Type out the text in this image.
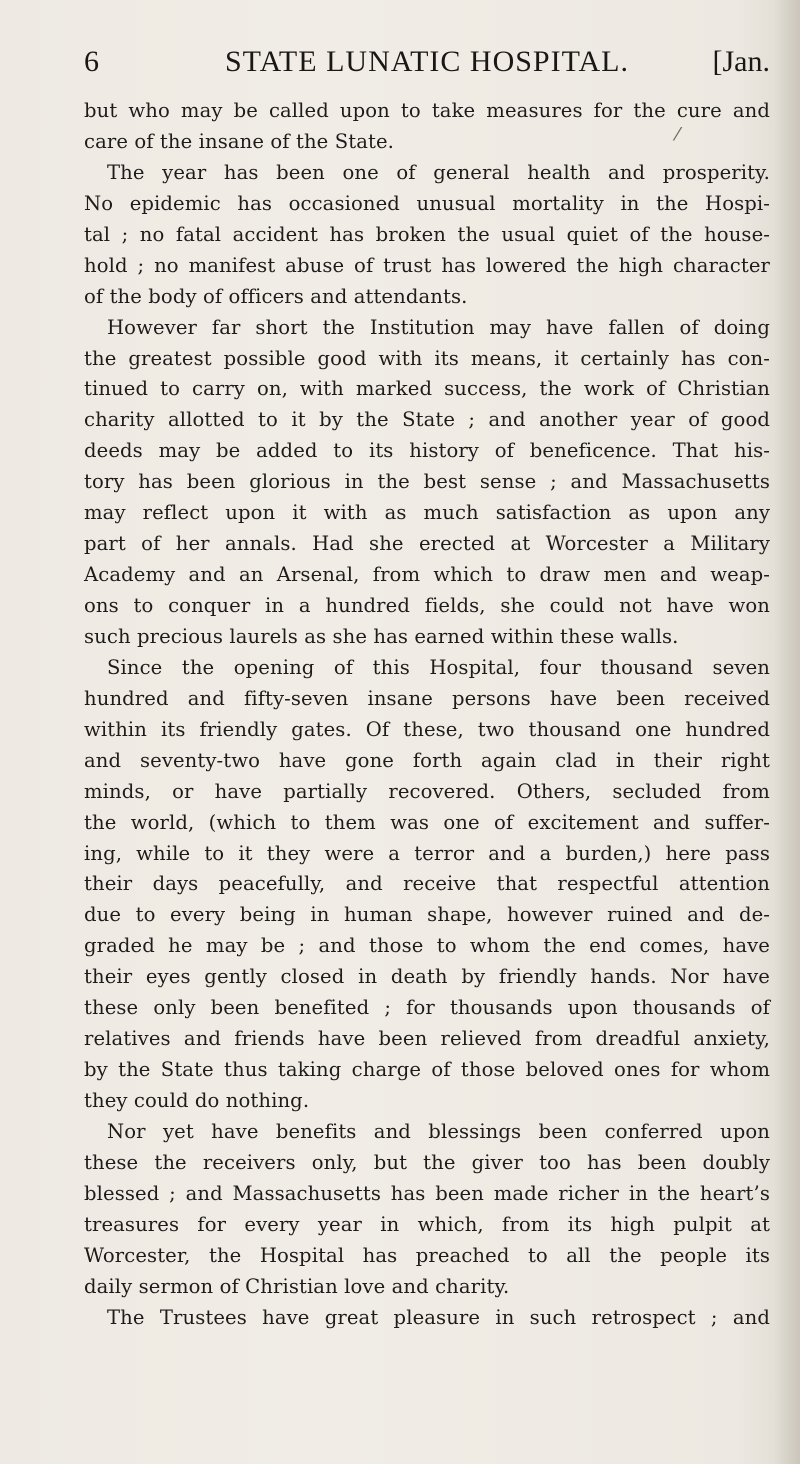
6	STATE LUNATIC HOSPITAL.	[Jan.
⁄
but who may be called upon to take measures for the cure and
care of the insane of the State.
The year has been one of general health and prosperity.
No epidemic has occasioned unusual mortality in the Hospi-
tal ; no fatal accident has broken the usual quiet of the house-
hold ; no manifest abuse of trust has lowered the high character
of the body of officers and attendants.
However far short the Institution may have fallen of doing
the greatest possible good with its means, it certainly has con-
tinued to carry on, with marked success, the work of Christian
charity allotted to it by the State ; and another year of good
deeds may be added to its history of beneficence. That his-
tory has been glorious in the best sense ; and Massachusetts
may reflect upon it with as much satisfaction as upon any
part of her annals. Had she erected at Worcester a Military
Academy and an Arsenal, from which to draw men and weap-
ons to conquer in a hundred fields, she could not have won
such precious laurels as she has earned within these walls.
Since the opening of this Hospital, four thousand seven
hundred and fifty-seven insane persons have been received
within its friendly gates. Of these, two thousand one hundred
and seventy-two have gone forth again clad in their right
minds, or have partially recovered. Others, secluded from
the world, (which to them was one of excitement and suffer-
ing, while to it they were a terror and a burden,) here pass
their days peacefully, and receive that respectful attention
due to every being in human shape, however ruined and de-
graded he may be ; and those to whom the end comes, have
their eyes gently closed in death by friendly hands. Nor have
these only been benefited ; for thousands upon thousands of
relatives and friends have been relieved from dreadful anxiety,
by the State thus taking charge of those beloved ones for whom
they could do nothing.
Nor yet have benefits and blessings been conferred upon
these the receivers only, but the giver too has been doubly
blessed ; and Massachusetts has been made richer in the heart’s
treasures for every year in which, from its high pulpit at
Worcester, the Hospital has preached to all the people its
daily sermon of Christian love and charity.
The Trustees have great pleasure in such retrospect ; and
